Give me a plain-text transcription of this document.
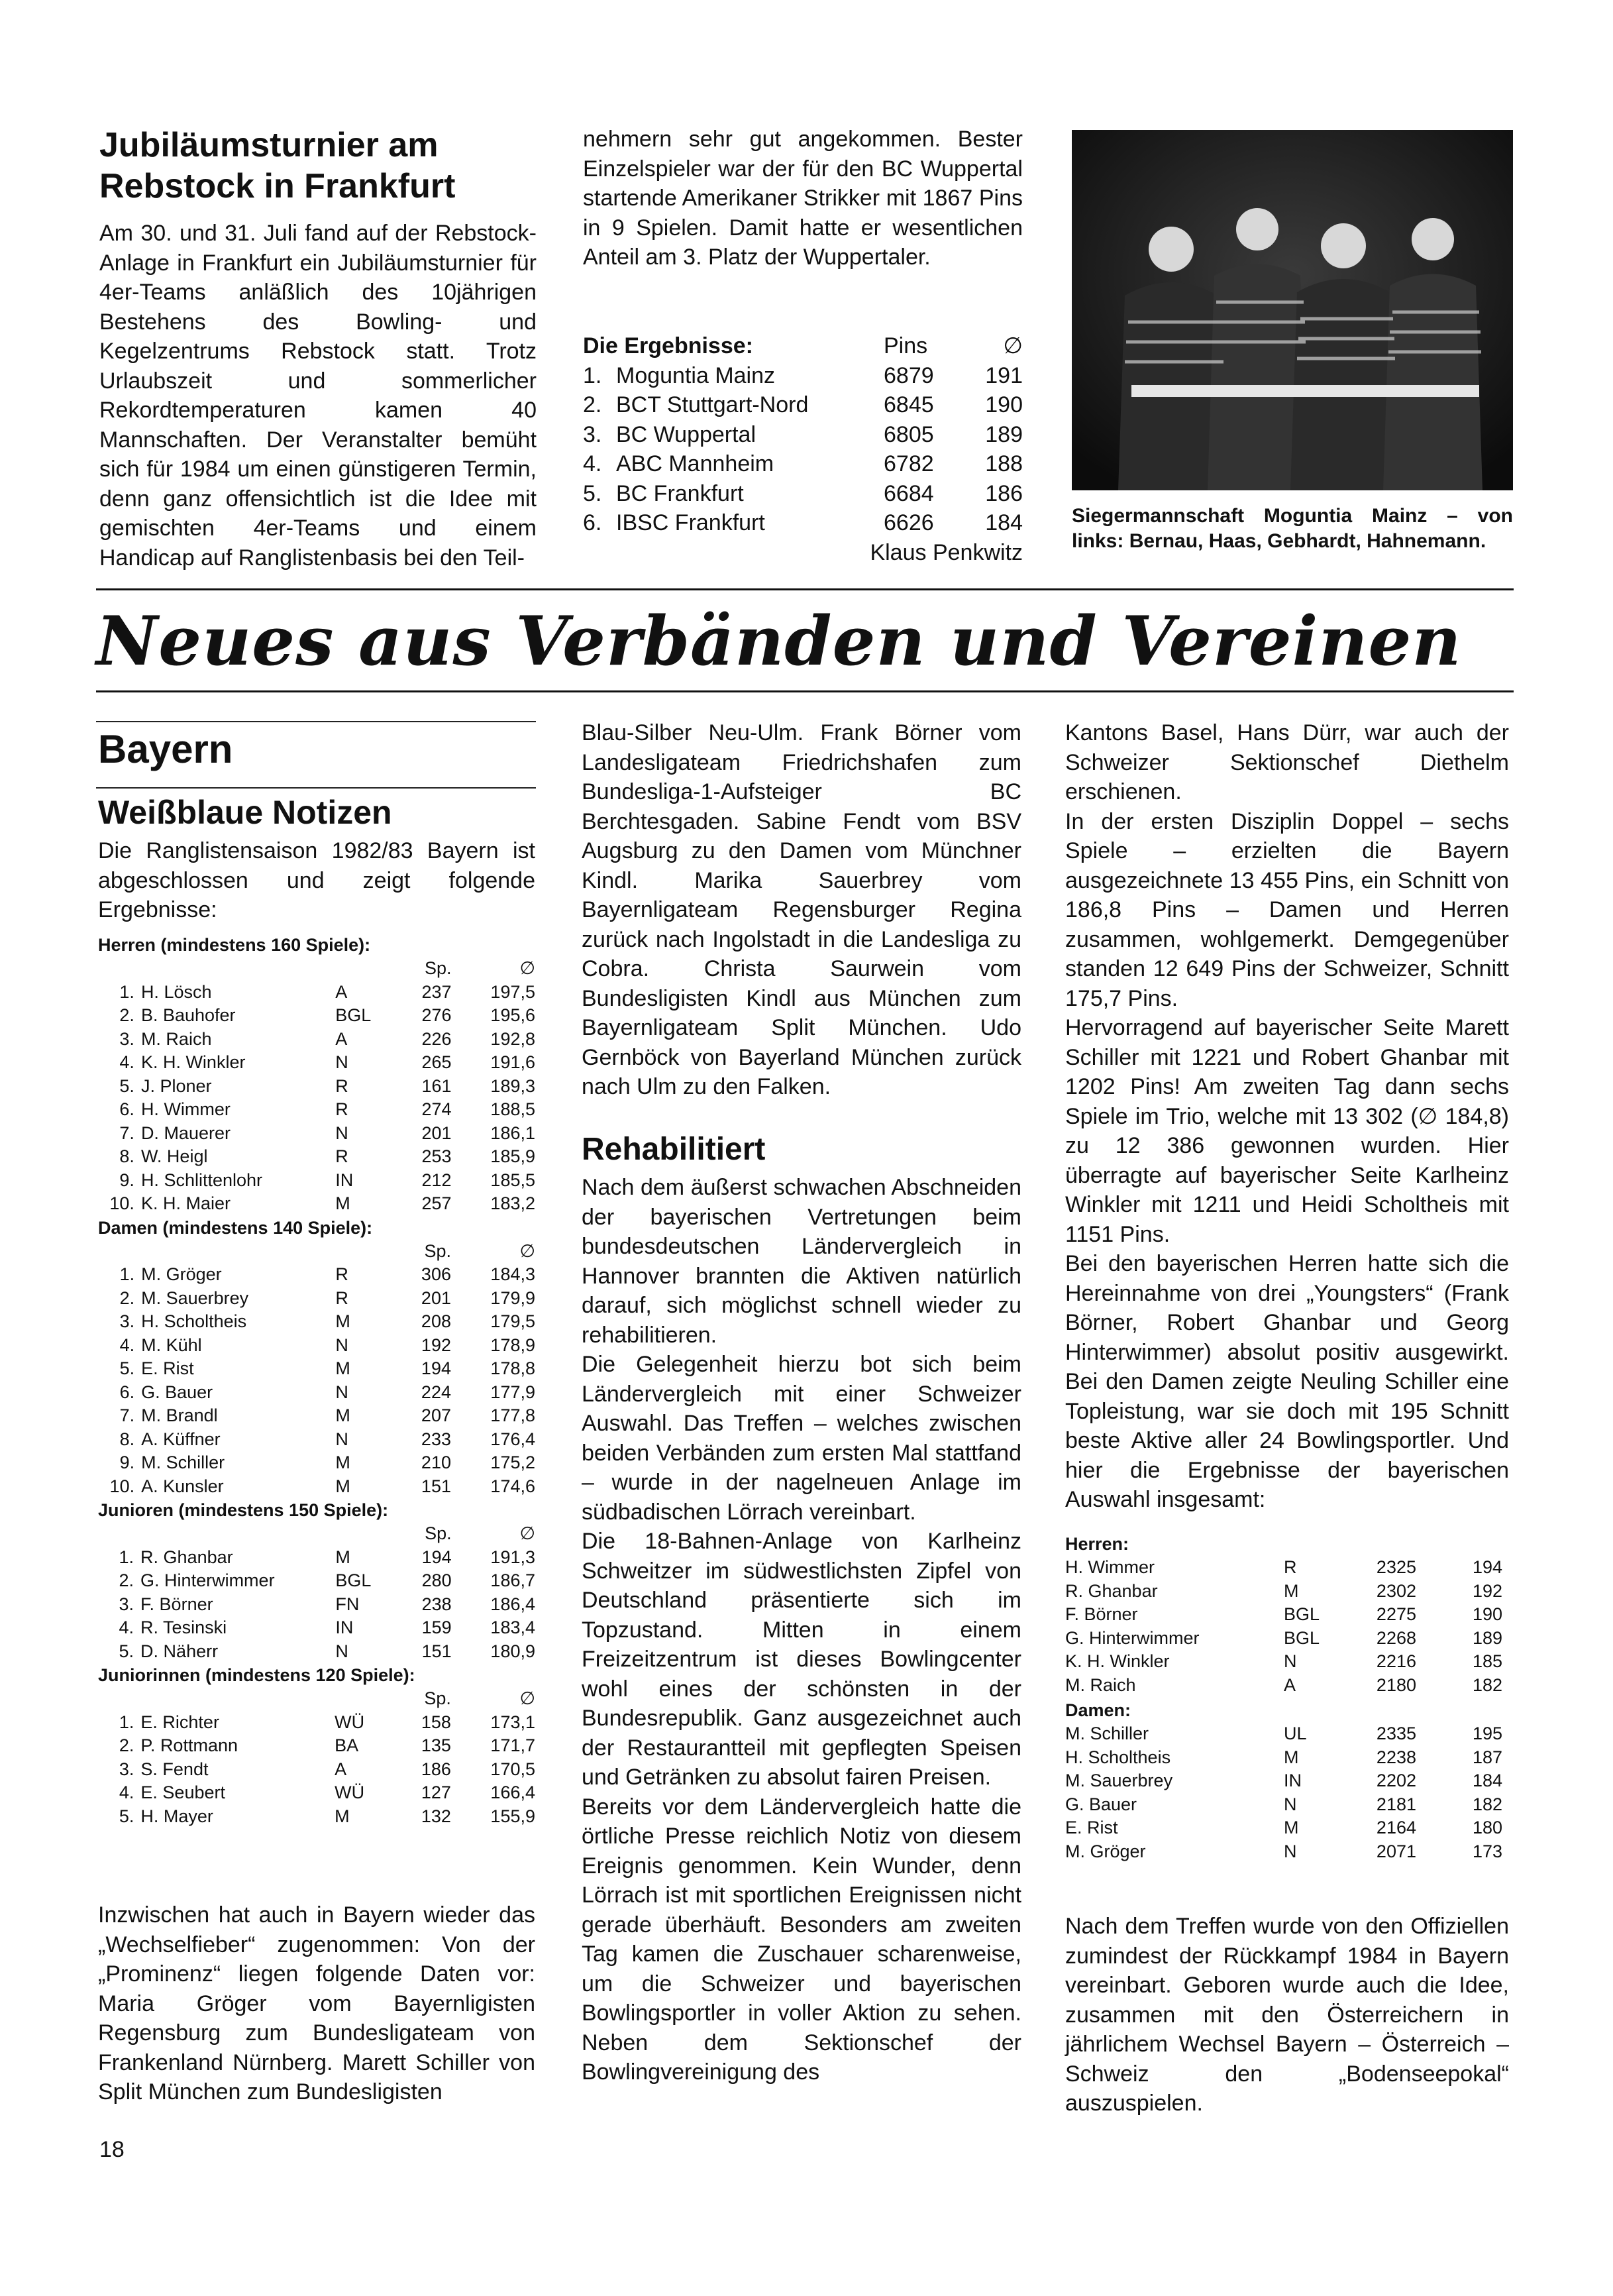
Jubiläumsturnier am Rebstock in Frankfurt
Am 30. und 31. Juli fand auf der Rebstock-Anlage in Frankfurt ein Jubiläumsturnier für 4er-Teams anläßlich des 10jährigen Bestehens des Bowling- und Kegelzentrums Rebstock statt. Trotz Urlaubszeit und sommerlicher Rekordtemperaturen kamen 40 Mannschaften. Der Veranstalter bemüht sich für 1984 um einen günstigeren Termin, denn ganz offensichtlich ist die Idee mit gemischten 4er-Teams und einem Handicap auf Ranglistenbasis bei den Teil-
nehmern sehr gut angekommen. Bester Einzelspieler war der für den BC Wuppertal startende Amerikaner Strikker mit 1867 Pins in 9 Spielen. Damit hatte er wesentlichen Anteil am 3. Platz der Wuppertaler.
Die Ergebnisse:		Pins	∅
1.	Moguntia Mainz	6879	191
2.	BCT Stuttgart-Nord	6845	190
3.	BC Wuppertal	6805	189
4.	ABC Mannheim	6782	188
5.	BC Frankfurt	6684	186
6.	IBSC Frankfurt	6626	184
Klaus Penkwitz			

Siegermannschaft Moguntia Mainz – von links: Bernau, Haas, Gebhardt, Hahnemann.

Neues aus Verbänden und Vereinen
Bayern
Weißblaue Notizen
Die Ranglistensaison 1982/83 Bayern ist abgeschlossen und zeigt folgende Ergebnisse:
Herren (mindestens 160 Spiele):
			Sp.	∅
1.	H. Lösch	A	237	197,5
2.	B. Bauhofer	BGL	276	195,6
3.	M. Raich	A	226	192,8
4.	K. H. Winkler	N	265	191,6
5.	J. Ploner	R	161	189,3
6.	H. Wimmer	R	274	188,5
7.	D. Mauerer	N	201	186,1
8.	W. Heigl	R	253	185,9
9.	H. Schlittenlohr	IN	212	185,5
10.	K. H. Maier	M	257	183,2
Damen (mindestens 140 Spiele):
			Sp.	∅
1.	M. Gröger	R	306	184,3
2.	M. Sauerbrey	R	201	179,9
3.	H. Scholtheis	M	208	179,5
4.	M. Kühl	N	192	178,9
5.	E. Rist	M	194	178,8
6.	G. Bauer	N	224	177,9
7.	M. Brandl	M	207	177,8
8.	A. Küffner	N	233	176,4
9.	M. Schiller	M	210	175,2
10.	A. Kunsler	M	151	174,6
Junioren (mindestens 150 Spiele):
			Sp.	∅
1.	R. Ghanbar	M	194	191,3
2.	G. Hinterwimmer	BGL	280	186,7
3.	F. Börner	FN	238	186,4
4.	R. Tesinski	IN	159	183,4
5.	D. Näherr	N	151	180,9
Juniorinnen (mindestens 120 Spiele):
			Sp.	∅
1.	E. Richter	WÜ	158	173,1
2.	P. Rottmann	BA	135	171,7
3.	S. Fendt	A	186	170,5
4.	E. Seubert	WÜ	127	166,4
5.	H. Mayer	M	132	155,9
Inzwischen hat auch in Bayern wieder das „Wechselfieber“ zugenommen: Von der „Prominenz“ liegen folgende Daten vor: Maria Gröger vom Bayernligisten Regensburg zum Bundesligateam von Frankenland Nürnberg. Marett Schiller von Split München zum Bundesligisten
18
Blau-Silber Neu-Ulm. Frank Börner vom Landesligateam Friedrichshafen zum Bundesliga-1-Aufsteiger BC Berchtesgaden. Sabine Fendt vom BSV Augsburg zu den Damen vom Münchner Kindl. Marika Sauerbrey vom Bayernligateam Regensburger Regina zurück nach Ingolstadt in die Landesliga zu Cobra. Christa Saurwein vom Bundesligisten Kindl aus München zum Bayernligateam Split München. Udo Gernböck von Bayerland München zurück nach Ulm zu den Falken.
Rehabilitiert

Nach dem äußerst schwachen Abschneiden der bayerischen Vertretungen beim bundesdeutschen Ländervergleich in Hannover brannten die Aktiven natürlich darauf, sich möglichst schnell wieder zu rehabilitieren.

Die Gelegenheit hierzu bot sich beim Ländervergleich mit einer Schweizer Auswahl. Das Treffen – welches zwischen beiden Verbänden zum ersten Mal stattfand – wurde in der nagelneuen Anlage im südbadischen Lörrach vereinbart.

Die 18-Bahnen-Anlage von Karlheinz Schweitzer im südwestlichsten Zipfel von Deutschland präsentierte sich im Topzustand. Mitten in einem Freizeitzentrum ist dieses Bowlingcenter wohl eines der schönsten in der Bundesrepublik. Ganz ausgezeichnet auch der Restaurantteil mit gepflegten Speisen und Getränken zu absolut fairen Preisen.

Bereits vor dem Ländervergleich hatte die örtliche Presse reichlich Notiz von diesem Ereignis genommen. Kein Wunder, denn Lörrach ist mit sportlichen Ereignissen nicht gerade überhäuft. Besonders am zweiten Tag kamen die Zuschauer scharenweise, um die Schweizer und bayerischen Bowlingsportler in voller Aktion zu sehen. Neben dem Sektionschef der Bowlingvereinigung des

Kantons Basel, Hans Dürr, war auch der Schweizer Sektionschef Diethelm erschienen.

In der ersten Disziplin Doppel – sechs Spiele – erzielten die Bayern ausgezeichnete 13 455 Pins, ein Schnitt von 186,8 Pins – Damen und Herren zusammen, wohlgemerkt. Demgegenüber standen 12 649 Pins der Schweizer, Schnitt 175,7 Pins.

Hervorragend auf bayerischer Seite Marett Schiller mit 1221 und Robert Ghanbar mit 1202 Pins! Am zweiten Tag dann sechs Spiele im Trio, welche mit 13 302 (∅ 184,8) zu 12 386 gewonnen wurden. Hier überragte auf bayerischer Seite Karlheinz Winkler mit 1211 und Heidi Scholtheis mit 1151 Pins.

Bei den bayerischen Herren hatte sich die Hereinnahme von drei „Youngsters“ (Frank Börner, Robert Ghanbar und Georg Hinterwimmer) absolut positiv ausgewirkt. Bei den Damen zeigte Neuling Schiller eine Topleistung, war sie doch mit 195 Schnitt beste Aktive aller 24 Bowlingsportler. Und hier die Ergebnisse der bayerischen Auswahl insgesamt:

Herren:
H. Wimmer	R	2325	194
R. Ghanbar	M	2302	192
F. Börner	BGL	2275	190
G. Hinterwimmer	BGL	2268	189
K. H. Winkler	N	2216	185
M. Raich	A	2180	182
Damen:
M. Schiller	UL	2335	195
H. Scholtheis	M	2238	187
M. Sauerbrey	IN	2202	184
G. Bauer	N	2181	182
E. Rist	M	2164	180
M. Gröger	N	2071	173
Nach dem Treffen wurde von den Offiziellen zumindest der Rückkampf 1984 in Bayern vereinbart. Geboren wurde auch die Idee, zusammen mit den Österreichern in jährlichem Wechsel Bayern – Österreich – Schweiz den „Bodenseepokal“ auszuspielen.
